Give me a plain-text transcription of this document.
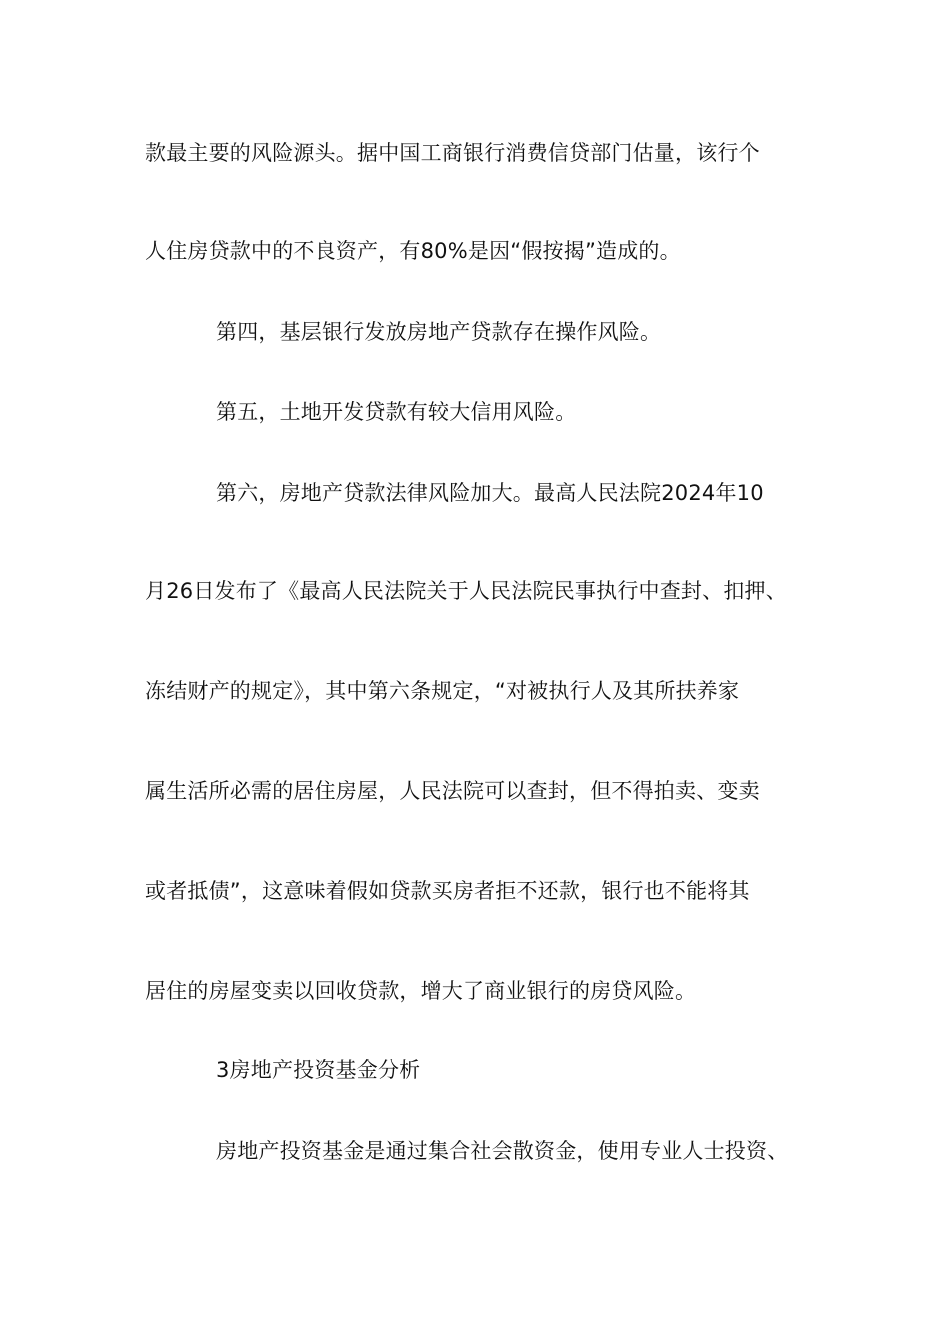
款最主要的风险源头。据中国工商银行消费信贷部门估量，该行个
人住房贷款中的不良资产，有80%是因“假按揭”造成的。
第四，基层银行发放房地产贷款存在操作风险。
第五，土地开发贷款有较大信用风险。
第六，房地产贷款法律风险加大。最高人民法院2024年10
月26日发布了《最高人民法院关于人民法院民事执行中查封、扣押、
冻结财产的规定》，其中第六条规定，“对被执行人及其所扶养家
属生活所必需的居住房屋，人民法院可以查封，但不得拍卖、变卖
或者抵债”，这意味着假如贷款买房者拒不还款，银行也不能将其
居住的房屋变卖以回收贷款，增大了商业银行的房贷风险。
3房地产投资基金分析
房地产投资基金是通过集合社会散资金，使用专业人士投资、
